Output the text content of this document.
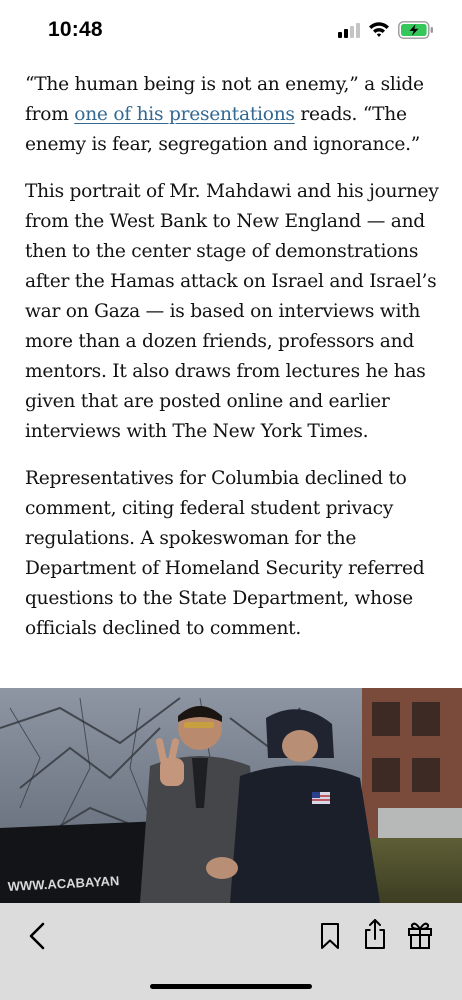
10:48

“The human being is not an enemy,” a slide from one of his presentations reads. “The enemy is fear, segregation and ignorance.”

This portrait of Mr. Mahdawi and his journey from the West Bank to New England — and then to the center stage of demonstrations after the Hamas attack on Israel and Israel’s war on Gaza — is based on interviews with more than a dozen friends, professors and mentors. It also draws from lectures he has given that are posted online and earlier interviews with The New York Times.

Representatives for Columbia declined to comment, citing federal student privacy regulations. A spokeswoman for the Department of Homeland Security referred questions to the State Department, whose officials declined to comment.

WWW.ACABAYAN
